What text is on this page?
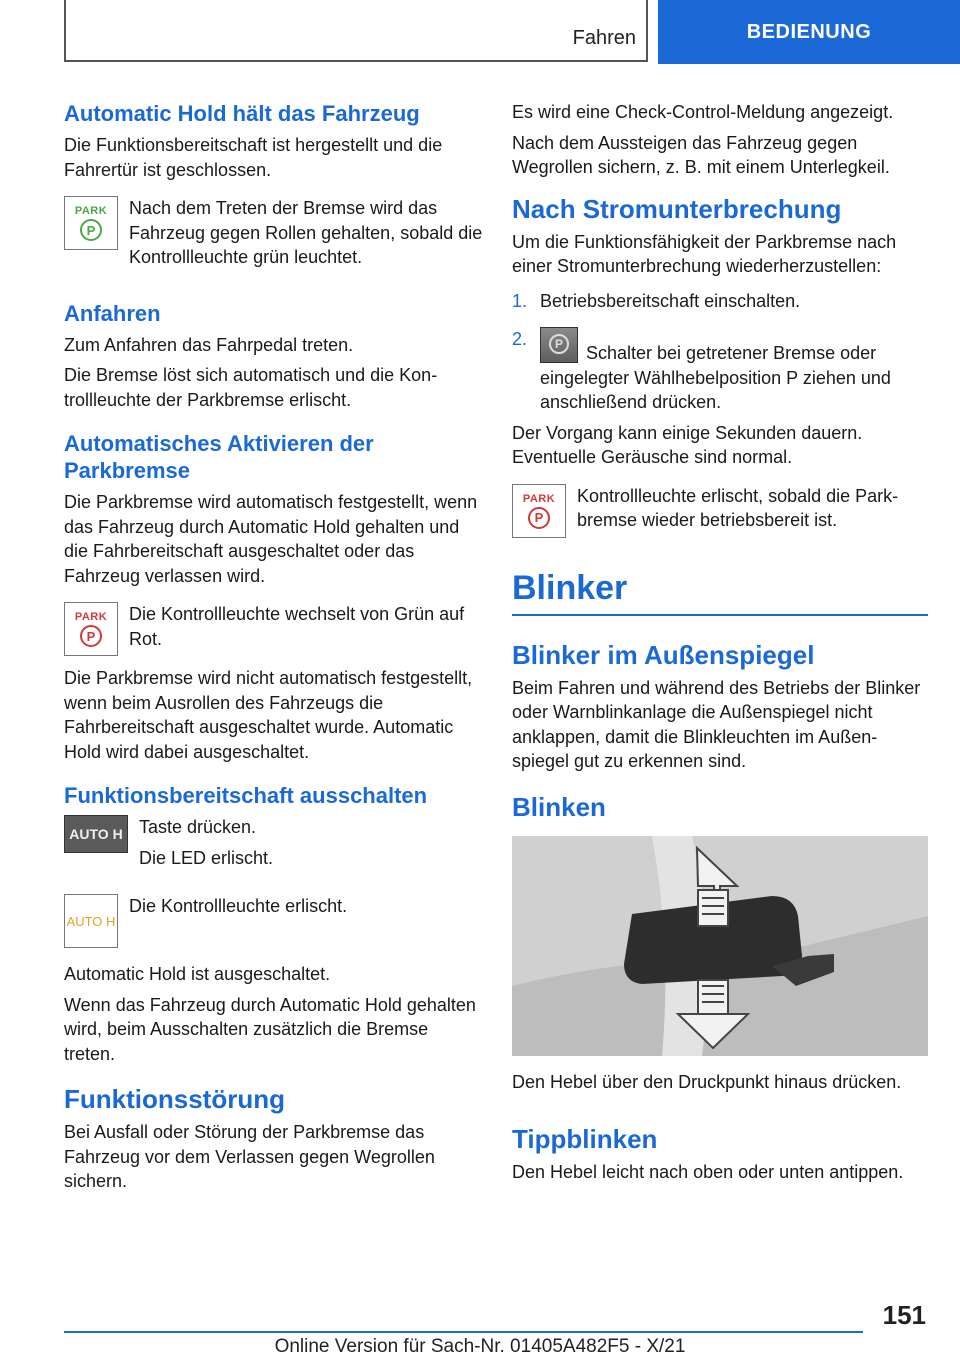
Fahren	BEDIENUNG
Automatic Hold hält das Fahrzeug

Die Funktionsbereitschaft ist hergestellt und die Fahrertür ist geschlossen.

PARK
P

Nach dem Treten der Bremse wird das Fahrzeug gegen Rollen gehalten, sobald die Kontrollleuchte grün leuchtet.

Anfahren

Zum Anfahren das Fahrpedal treten.

Die Bremse löst sich automatisch und die Kontrollleuchte der Parkbremse erlischt.

Automatisches Aktivieren der Parkbremse

Die Parkbremse wird automatisch festgestellt, wenn das Fahrzeug durch Automatic Hold gehalten und die Fahrbereitschaft ausgeschaltet oder das Fahrzeug verlassen wird.

PARK
P

Die Kontrollleuchte wechselt von Grün auf Rot.

Die Parkbremse wird nicht automatisch festgestellt, wenn beim Ausrollen des Fahrzeugs die Fahrbereitschaft ausgeschaltet wurde. Automatic Hold wird dabei ausgeschaltet.

Funktionsbereitschaft ausschalten
AUTO H Taste drücken.

Die LED erlischt.

AUTO H

Die Kontrollleuchte erlischt.

Automatic Hold ist ausgeschaltet.

Wenn das Fahrzeug durch Automatic Hold gehalten wird, beim Ausschalten zusätzlich die Bremse treten.

Funktionsstörung

Bei Ausfall oder Störung der Parkbremse das Fahrzeug vor dem Verlassen gegen Wegrollen sichern.

Es wird eine Check-Control-Meldung angezeigt.

Nach dem Aussteigen das Fahrzeug gegen Wegrollen sichern, z. B. mit einem Unterlegkeil.

Nach Stromunterbrechung

Um die Funktionsfähigkeit der Parkbremse nach einer Stromunterbrechung wiederherzustellen:

1. Betriebsbereitschaft einschalten.

2.	P	Schalter bei getretener Bremse oder eingelegter Wählhebelposition P ziehen und anschließend drücken.

Der Vorgang kann einige Sekunden dauern. Eventuelle Geräusche sind normal.

PARK
P

Kontrollleuchte erlischt, sobald die Parkbremse wieder betriebsbereit ist.

Blinker
Blinker im Außenspiegel

Beim Fahren und während des Betriebs der Blinker oder Warnblinkanlage die Außenspiegel nicht anklappen, damit die Blinkleuchten im Außenspiegel gut zu erkennen sind.

Blinken

Den Hebel über den Druckpunkt hinaus drücken.

Tippblinken

Den Hebel leicht nach oben oder unten antippen.

151
Online Version für Sach-Nr. 01405A482F5 - X/21
